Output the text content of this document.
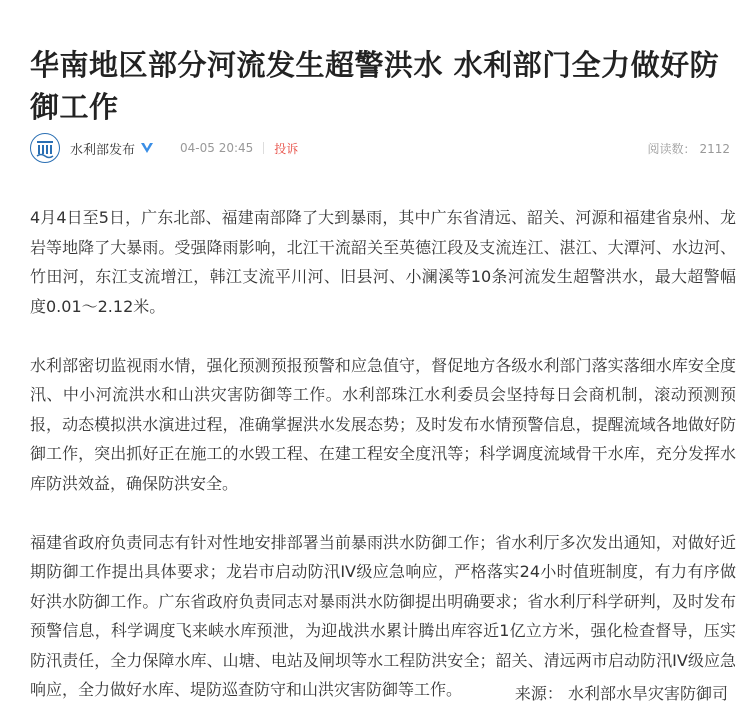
华南地区部分河流发生超警洪水 水利部门全力做好防御工作
水利部发布	04-05 20:45 投诉	阅读数： 2112

4月4日至5日，广东北部、福建南部降了大到暴雨，其中广东省清远、韶关、河源和福建省泉州、龙岩等地降了大暴雨。受强降雨影响，北江干流韶关至英德江段及支流连江、湛江、大潭河、水边河、竹田河，东江支流增江，韩江支流平川河、旧县河、小澜溪等10条河流发生超警洪水，最大超警幅度0.01～2.12米。

水利部密切监视雨水情，强化预测预报预警和应急值守，督促地方各级水利部门落实落细水库安全度汛、中小河流洪水和山洪灾害防御等工作。水利部珠江水利委员会坚持每日会商机制，滚动预测预报，动态模拟洪水演进过程，准确掌握洪水发展态势；及时发布水情预警信息，提醒流域各地做好防御工作，突出抓好正在施工的水毁工程、在建工程安全度汛等；科学调度流域骨干水库，充分发挥水库防洪效益，确保防洪安全。

福建省政府负责同志有针对性地安排部署当前暴雨洪水防御工作；省水利厅多次发出通知，对做好近期防御工作提出具体要求；龙岩市启动防汛IV级应急响应，严格落实24小时值班制度，有力有序做好洪水防御工作。广东省政府负责同志对暴雨洪水防御提出明确要求；省水利厅科学研判，及时发布预警信息，科学调度飞来峡水库预泄，为迎战洪水累计腾出库容近1亿立方米，强化检查督导，压实防汛责任，全力保障水库、山塘、电站及闸坝等水工程防洪安全；韶关、清远两市启动防汛IV级应急响应，全力做好水库、堤防巡查防守和山洪灾害防御等工作。	来源： 水利部水旱灾害防御司
